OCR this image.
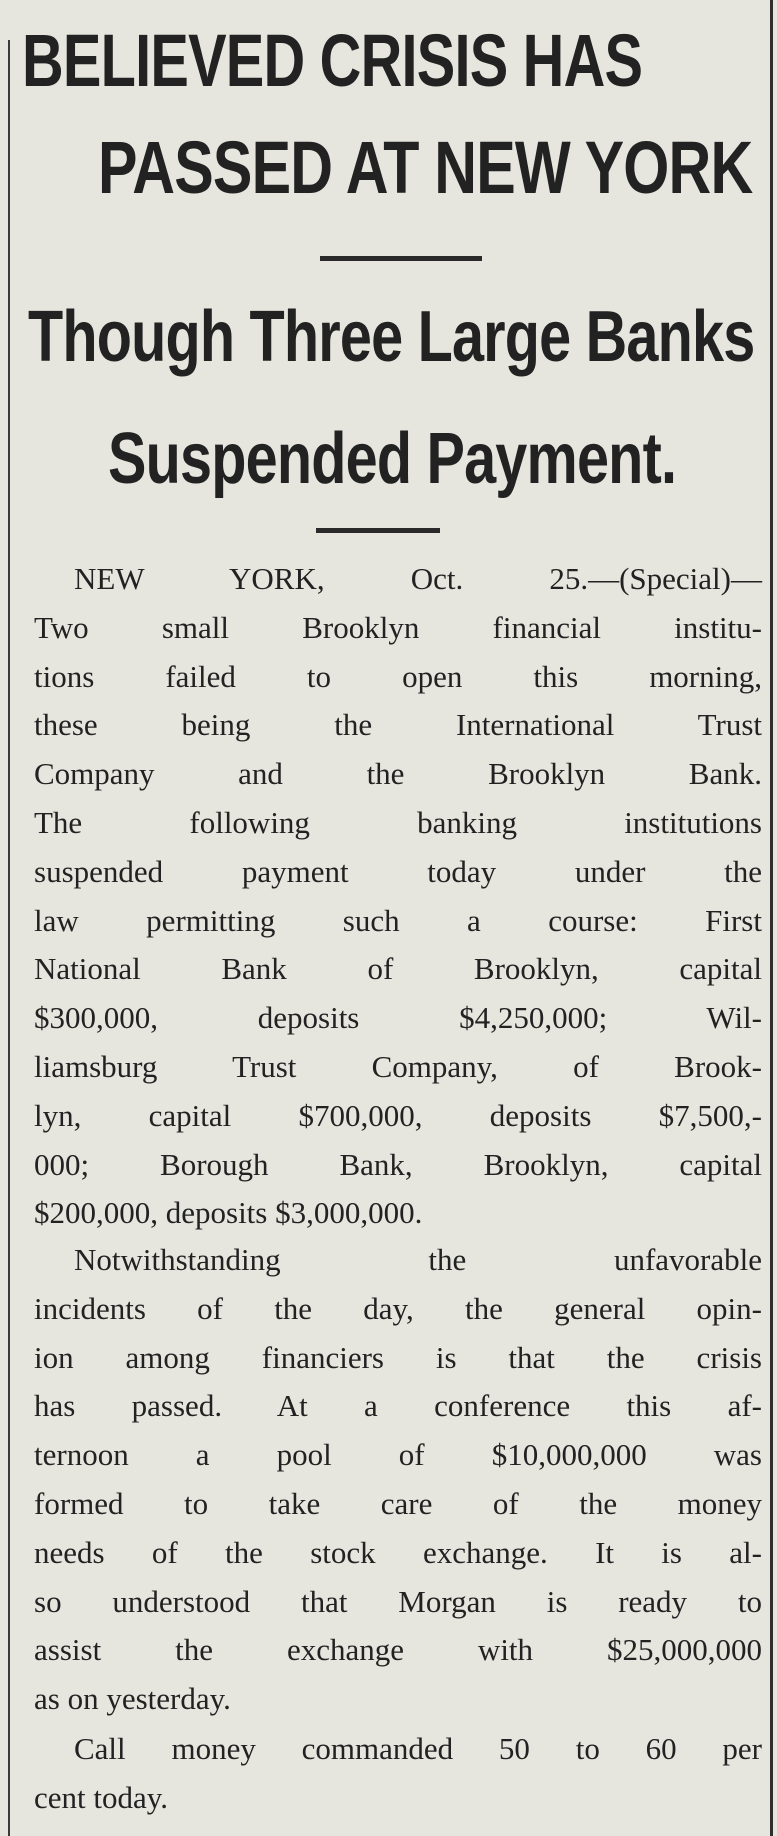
BELIEVED CRISIS HAS
PASSED AT NEW YORK
Though Three Large Banks
Suspended Payment.
NEW YORK, Oct. 25.—(Special)—
Two small Brooklyn financial institu-
tions failed to open this morning,
these being the International Trust
Company and the Brooklyn Bank.
The following banking institutions
suspended payment today under the
law permitting such a course: First
National Bank of Brooklyn, capital
$300,000, deposits $4,250,000; Wil-
liamsburg Trust Company, of Brook-
lyn, capital $700,000, deposits $7,500,-
000; Borough Bank, Brooklyn, capital
$200,000, deposits $3,000,000.
Notwithstanding the unfavorable
incidents of the day, the general opin-
ion among financiers is that the crisis
has passed. At a conference this af-
ternoon a pool of $10,000,000 was
formed to take care of the money
needs of the stock exchange. It is al-
so understood that Morgan is ready to
assist the exchange with $25,000,000
as on yesterday.
Call money commanded 50 to 60 per
cent today.
